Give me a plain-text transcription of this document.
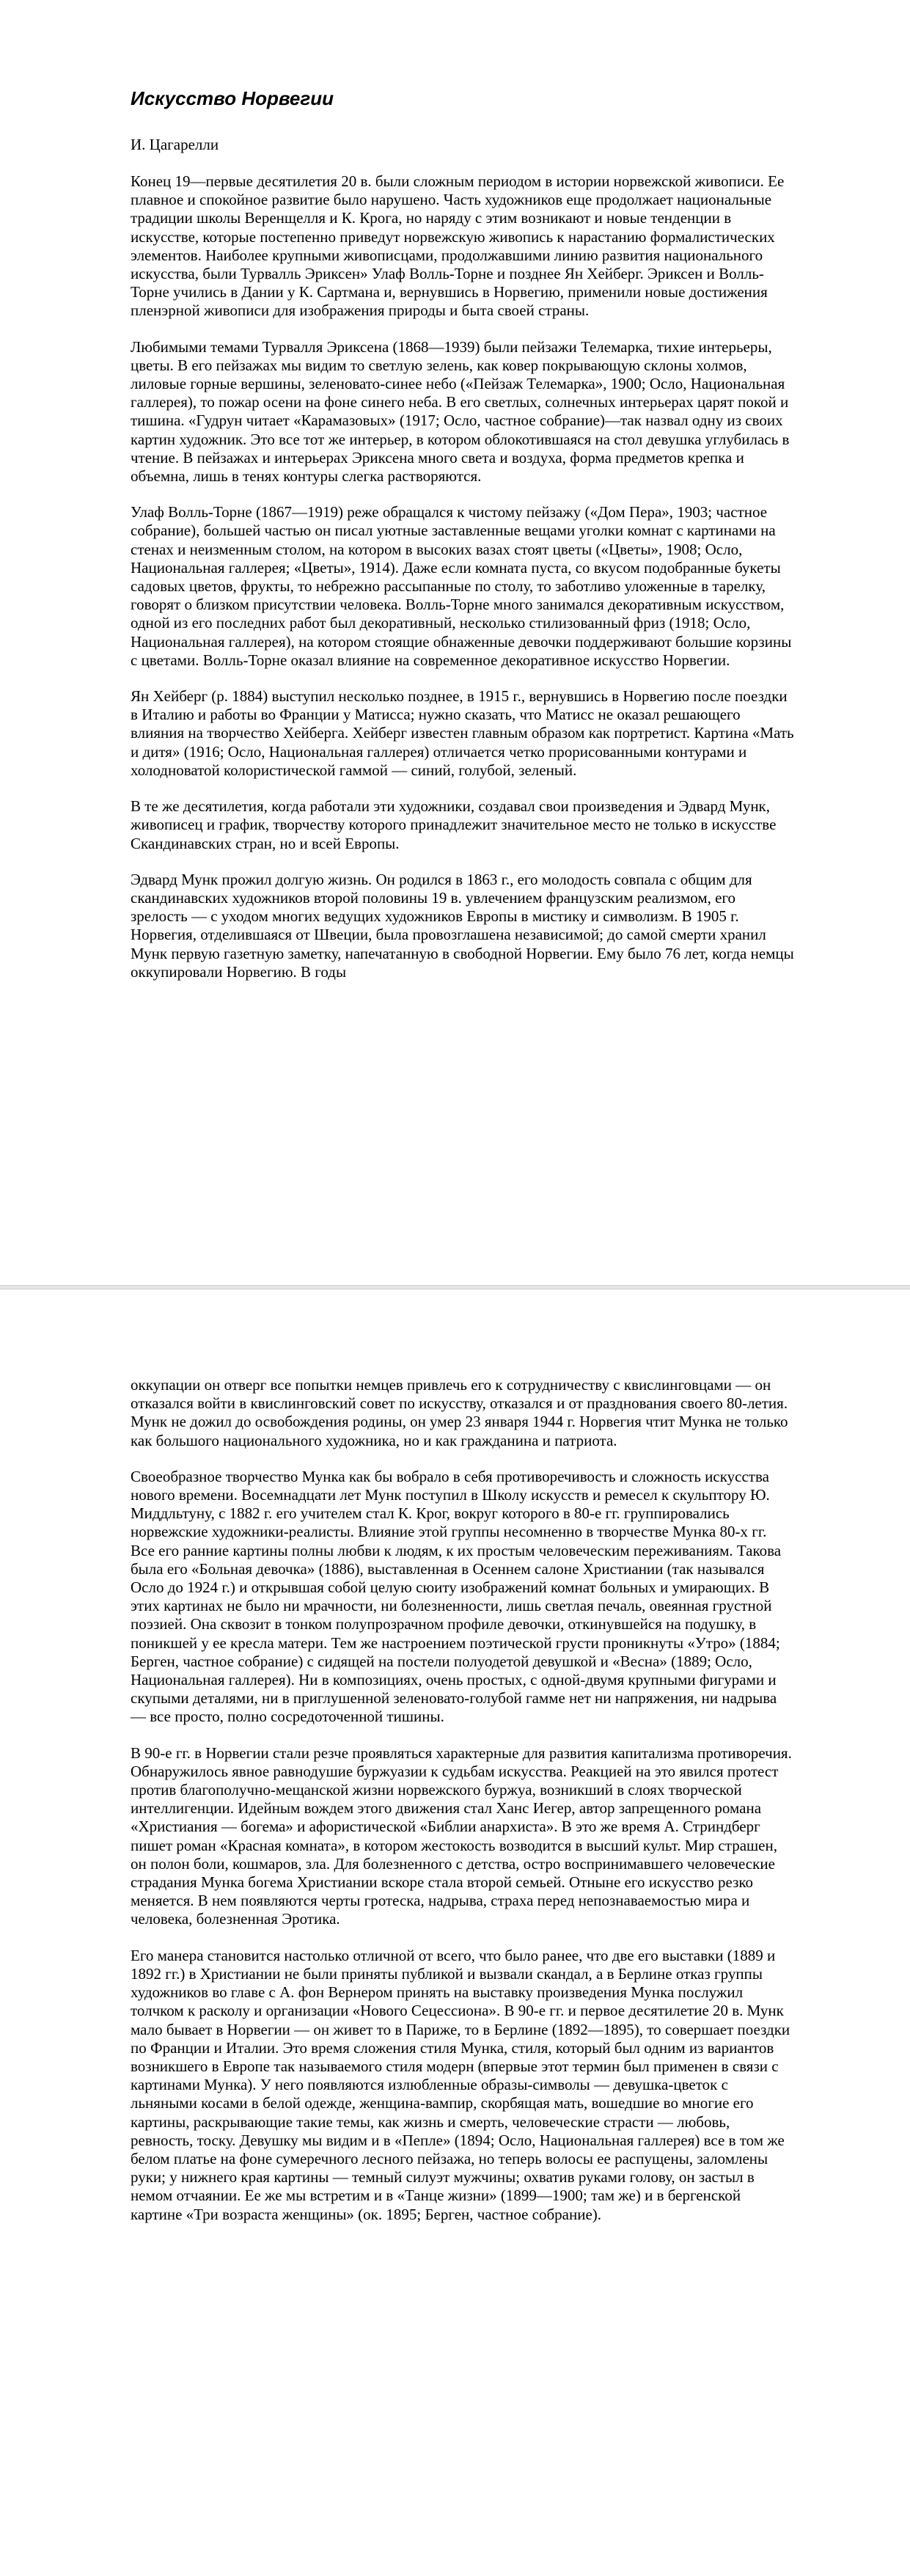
Искусство Норвегии
И. Цагарелли

Конец 19—первые десятилетия 20 в. были сложным периодом в истории норвежской живописи. Ее плавное и спокойное развитие было нарушено. Часть художников еще продолжает национальные традиции школы Веренщелля и К. Крога, но наряду с этим возникают и новые тенденции в искусстве, которые постепенно приведут норвежскую живопись к нарастанию формалистических элементов. Наиболее крупными живописцами, продолжавшими линию развития национального искусства, были Турвалль Эриксен» Улаф Волль-Торне и позднее Ян Хейберг. Эриксен и Волль-Торне учились в Дании у К. Сартмана и, вернувшись в Норвегию, применили новые достижения пленэрной живописи для изображения природы и быта своей страны.

Любимыми темами Турвалля Эриксена (1868—1939) были пейзажи Телемарка, тихие интерьеры, цветы. В его пейзажах мы видим то светлую зелень, как ковер покрывающую склоны холмов, лиловые горные вершины, зеленовато-синее небо («Пейзаж Телемарка», 1900; Осло, Национальная галлерея), то пожар осени на фоне синего неба. В его светлых, солнечных интерьерах царят покой и тишина. «Гудрун читает «Карамазовых» (1917; Осло, частное собрание)—так назвал одну из своих картин художник. Это все тот же интерьер, в котором облокотившаяся на стол девушка углубилась в чтение. В пейзажах и интерьерах Эриксена много света и воздуха, форма предметов крепка и объемна, лишь в тенях контуры слегка растворяются.

Улаф Волль-Торне (1867—1919) реже обращался к чистому пейзажу («Дом Пера», 1903; частное собрание), большей частью он писал уютные заставленные вещами уголки комнат с картинами на стенах и неизменным столом, на котором в высоких вазах стоят цветы («Цветы», 1908; Осло, Национальная галлерея; «Цветы», 1914). Даже если комната пуста, со вкусом подобранные букеты садовых цветов, фрукты, то небрежно рассыпанные по столу, то заботливо уложенные в тарелку, говорят о близком присутствии человека. Волль-Торне много занимался декоративным искусством, одной из его последних работ был декоративный, несколько стилизованный фриз (1918; Осло, Национальная галлерея), на котором стоящие обнаженные девочки поддерживают большие корзины с цветами. Волль-Торне оказал влияние на современное декоративное искусство Норвегии.

Ян Хейберг (р. 1884) выступил несколько позднее, в 1915 г., вернувшись в Норвегию после поездки в Италию и работы во Франции у Матисса; нужно сказать, что Матисс не оказал решающего влияния на творчество Хейберга. Хейберг известен главным образом как портретист. Картина «Мать и дитя» (1916; Осло, Национальная галлерея) отличается четко прорисованными контурами и холодноватой колористической гаммой — синий, голубой, зеленый.

В те же десятилетия, когда работали эти художники, создавал свои произведения и Эдвард Мунк, живописец и график, творчеству которого принадлежит значительное место не только в искусстве Скандинавских стран, но и всей Европы.

Эдвард Мунк прожил долгую жизнь. Он родился в 1863 г., его молодость совпала с общим для скандинавских художников второй половины 19 в. увлечением французским реализмом, его зрелость — с уходом многих ведущих художников Европы в мистику и символизм. В 1905 г. Норвегия, отделившаяся от Швеции, была провозглашена независимой; до самой смерти хранил Мунк первую газетную заметку, напечатанную в свободной Норвегии. Ему было 76 лет, когда немцы оккупировали Норвегию. В годы

оккупации он отверг все попытки немцев привлечь его к сотрудничеству с квислинговцами — он отказался войти в квислинговский совет по искусству, отказался и от празднования своего 80-летия. Мунк не дожил до освобождения родины, он умер 23 января 1944 г. Норвегия чтит Мунка не только как большого национального художника, но и как гражданина и патриота.

Своеобразное творчество Мунка как бы вобрало в себя противоречивость и сложность искусства нового времени. Восемнадцати лет Мунк поступил в Школу искусств и ремесел к скульптору Ю. Миддльтуну, с 1882 г. его учителем стал К. Крог, вокруг которого в 80-е гг. группировались норвежские художники-реалисты. Влияние этой группы несомненно в творчестве Мунка 80-х гг. Все его ранние картины полны любви к людям, к их простым человеческим переживаниям. Такова была его «Больная девочка» (1886), выставленная в Осеннем салоне Христиании (так назывался Осло до 1924 г.) и открывшая собой целую сюиту изображений комнат больных и умирающих. В этих картинах не было ни мрачности, ни болезненности, лишь светлая печаль, овеянная грустной поэзией. Она сквозит в тонком полупрозрачном профиле девочки, откинувшейся на подушку, в поникшей у ее кресла матери. Тем же настроением поэтической грусти проникнуты «Утро» (1884; Берген, частное собрание) с сидящей на постели полуодетой девушкой и «Весна» (1889; Осло, Национальная галлерея). Ни в композициях, очень простых, с одной-двумя крупными фигурами и скупыми деталями, ни в приглушенной зеленовато-голубой гамме нет ни напряжения, ни надрыва — все просто, полно сосредоточенной тишины.

В 90-е гг. в Норвегии стали резче проявляться характерные для развития капитализма противоречия. Обнаружилось явное равнодушие буржуазии к судьбам искусства. Реакцией на это явился протест против благополучно-мещанской жизни норвежского буржуа, возникший в слоях творческой интеллигенции. Идейным вождем этого движения стал Ханс Иегер, автор запрещенного романа «Христиания — богема» и афористической «Библии анархиста». В это же время А. Стриндберг пишет роман «Красная комната», в котором жестокость возводится в высший культ. Мир страшен, он полон боли, кошмаров, зла. Для болезненного с детства, остро воспринимавшего человеческие страдания Мунка богема Христиании вскоре стала второй семьей. Отныне его искусство резко меняется. В нем появляются черты гротеска, надрыва, страха перед непознаваемостью мира и человека, болезненная Эротика.

Его манера становится настолько отличной от всего, что было ранее, что две его выставки (1889 и 1892 гг.) в Христиании не были приняты публикой и вызвали скандал, а в Берлине отказ группы художников во главе с А. фон Вернером принять на выставку произведения Мунка послужил толчком к расколу и организации «Нового Сецессиона». В 90-е гг. и первое десятилетие 20 в. Мунк мало бывает в Норвегии — он живет то в Париже, то в Берлине (1892—1895), то совершает поездки по Франции и Италии. Это время сложения стиля Мунка, стиля, который был одним из вариантов возникшего в Европе так называемого стиля модерн (впервые этот термин был применен в связи с картинами Мунка). У него появляются излюбленные образы-символы — девушка-цветок с льняными косами в белой одежде, женщина-вампир, скорбящая мать, вошедшие во многие его картины, раскрывающие такие темы, как жизнь и смерть, человеческие страсти — любовь, ревность, тоску. Девушку мы видим и в «Пепле» (1894; Осло, Национальная галлерея) все в том же белом платье на фоне сумеречного лесного пейзажа, но теперь волосы ее распущены, заломлены руки; у нижнего края картины — темный силуэт мужчины; охватив руками голову, он застыл в немом отчаянии. Ее же мы встретим и в «Танце жизни» (1899—1900; там же) и в бергенской картине «Три возраста женщины» (ок. 1895; Берген, частное собрание).
